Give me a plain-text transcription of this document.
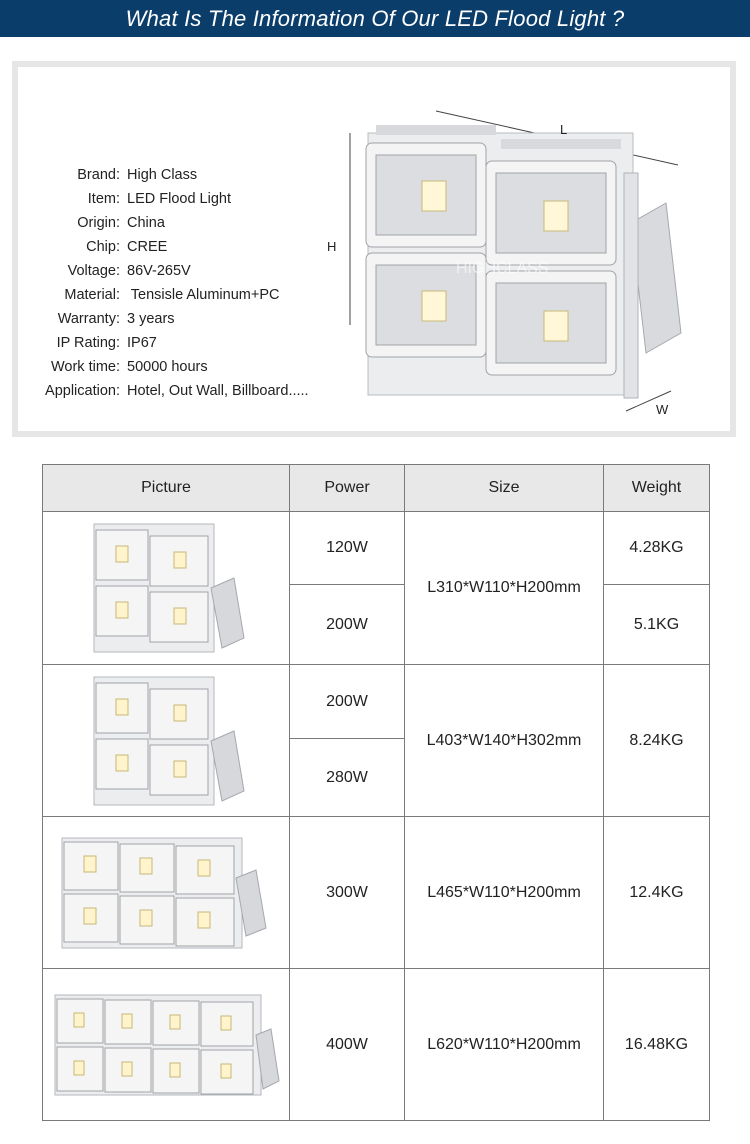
What Is The Information Of Our LED Flood Light ?
Brand: High Class
Item: LED Flood Light
Origin: China
Chip: CREE
Voltage: 86V-265V
Material: Tensisle Aluminum+PC
Warranty: 3 years
IP Rating: IP67
Work time: 50000 hours
Application: Hotel, Out Wall, Billboard.....
HIGHCLASS
L
H
W
Picture	Power	Size	Weight

	120W	L310*W110*H200mm	4.28KG
	200W		5.1KG

	200W	L403*W140*H302mm	8.24KG
	280W		

	300W	L465*W110*H200mm	12.4KG

	400W	L620*W110*H200mm	16.48KG
